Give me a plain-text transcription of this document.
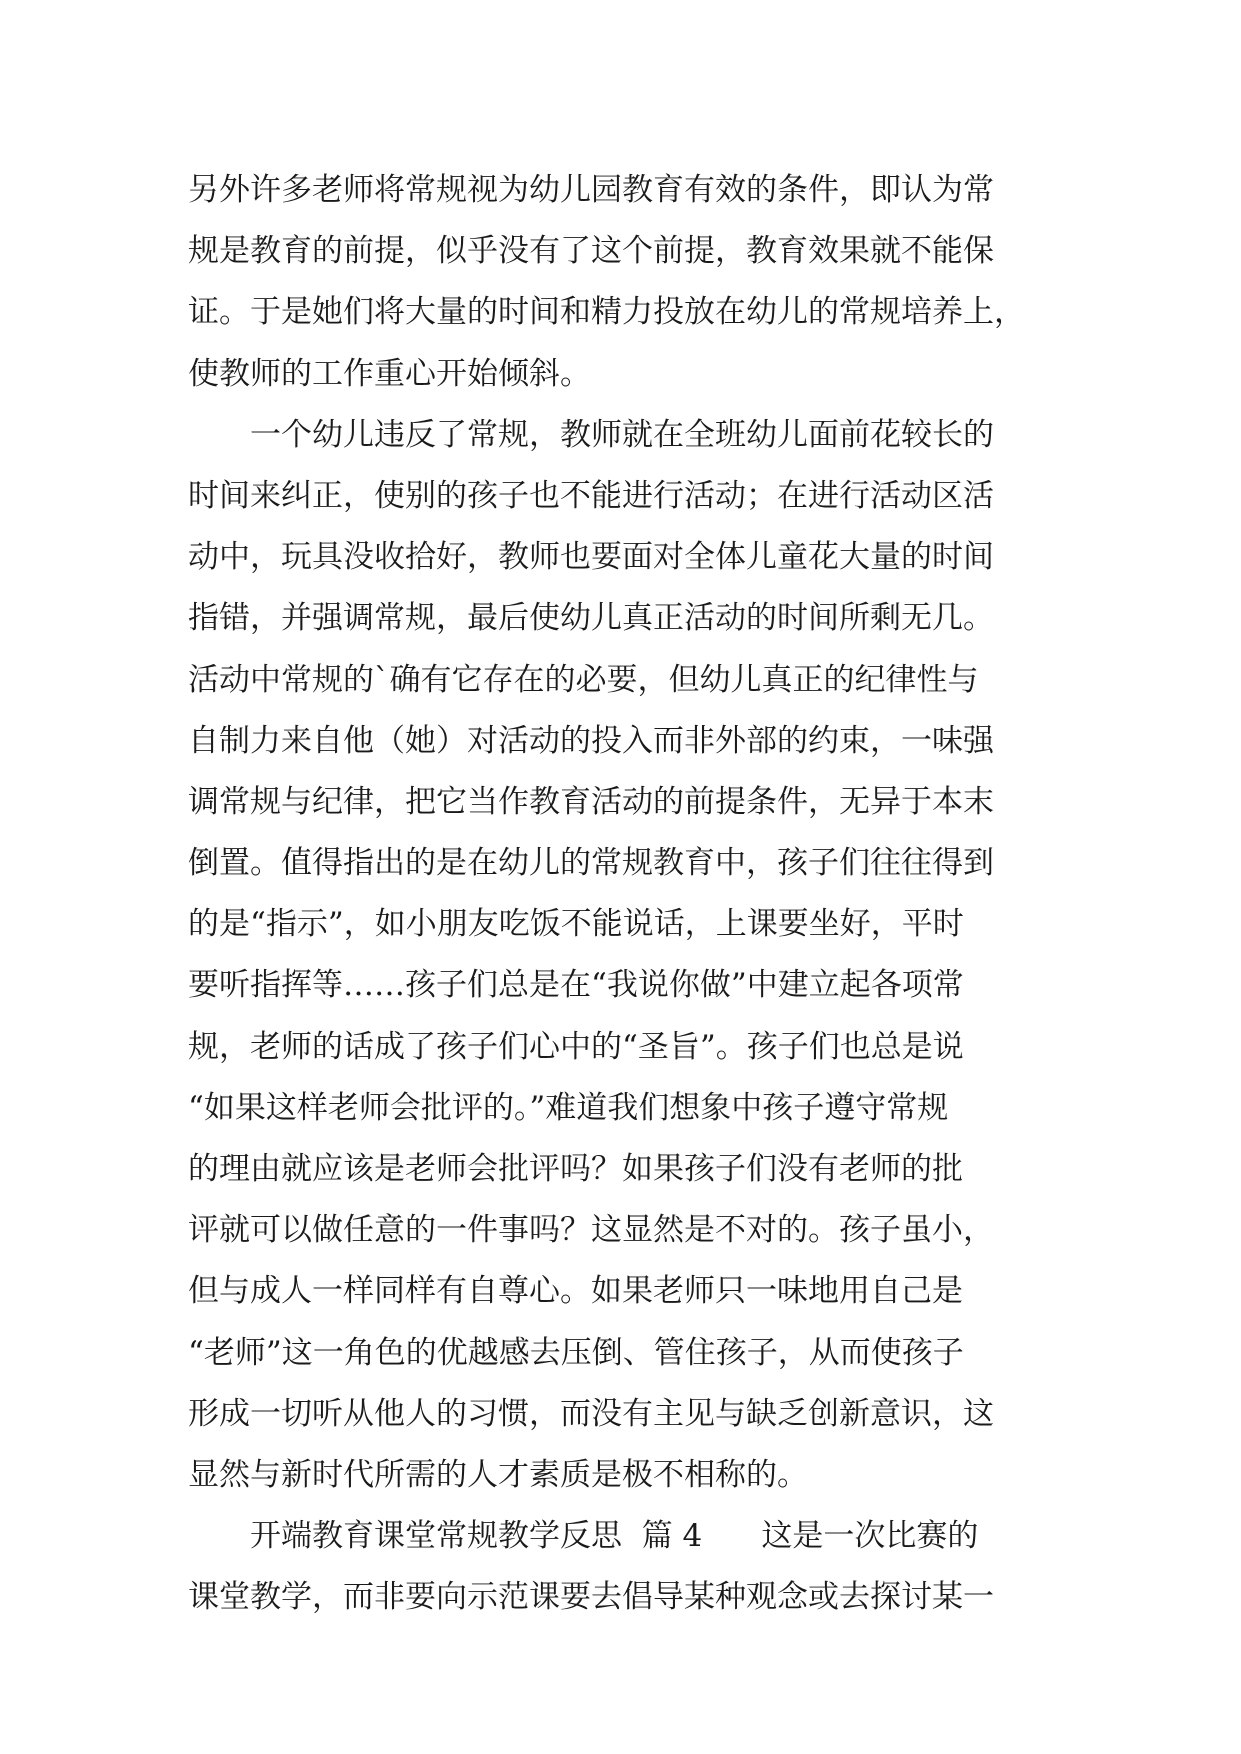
另外许多老师将常规视为幼儿园教育有效的条件，即认为常
规是教育的前提，似乎没有了这个前提，教育效果就不能保
证。于是她们将大量的时间和精力投放在幼儿的常规培养上，
使教师的工作重心开始倾斜。
　　一个幼儿违反了常规，教师就在全班幼儿面前花较长的
时间来纠正，使别的孩子也不能进行活动；在进行活动区活
动中，玩具没收拾好，教师也要面对全体儿童花大量的时间
指错，并强调常规，最后使幼儿真正活动的时间所剩无几。
活动中常规的`确有它存在的必要，但幼儿真正的纪律性与
自制力来自他（她）对活动的投入而非外部的约束，一味强
调常规与纪律，把它当作教育活动的前提条件，无异于本末
倒置。值得指出的是在幼儿的常规教育中，孩子们往往得到
的是“指示”，如小朋友吃饭不能说话，上课要坐好，平时
要听指挥等……孩子们总是在“我说你做”中建立起各项常
规，老师的话成了孩子们心中的“圣旨”。孩子们也总是说
“如果这样老师会批评的。”难道我们想象中孩子遵守常规
的理由就应该是老师会批评吗？如果孩子们没有老师的批
评就可以做任意的一件事吗？这显然是不对的。孩子虽小，
但与成人一样同样有自尊心。如果老师只一味地用自己是
“老师”这一角色的优越感去压倒、管住孩子，从而使孩子
形成一切听从他人的习惯，而没有主见与缺乏创新意识，这
显然与新时代所需的人才素质是极不相称的。
　　开端教育课堂常规教学反思  篇 4      这是一次比赛的
课堂教学，而非要向示范课要去倡导某种观念或去探讨某一
